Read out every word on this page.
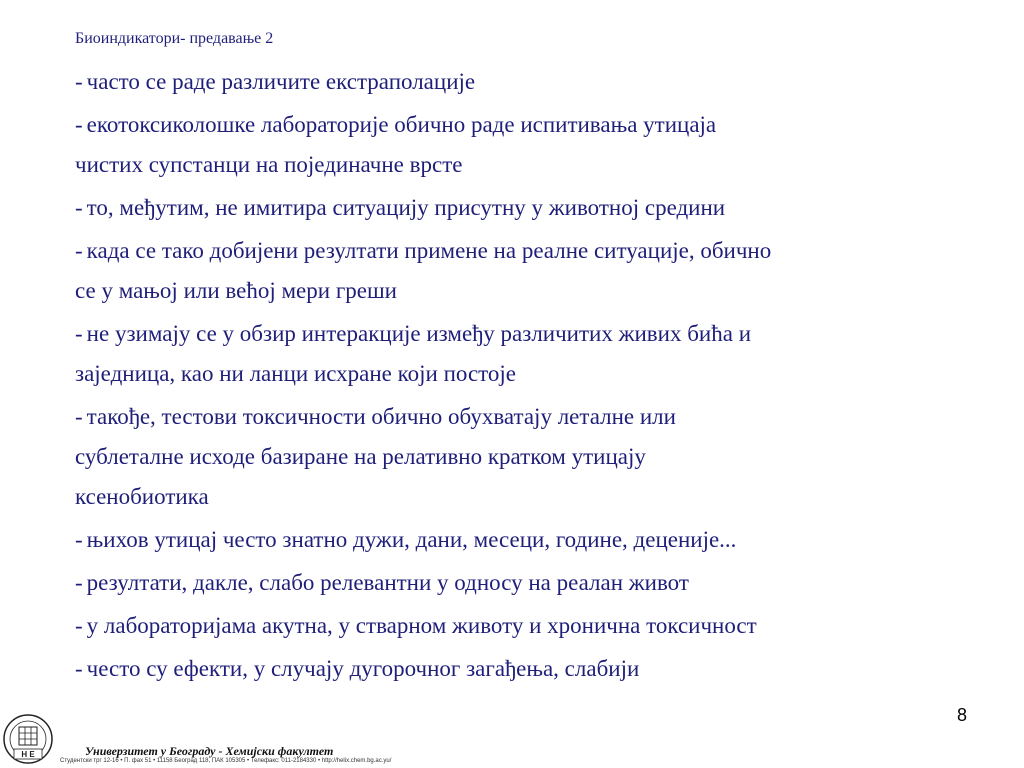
Биоиндикатори- предавање 2
- часто се раде различите екстраполације
- екотоксиколошке лабораторије обично раде испитивања утицаја
чистих супстанци на појединачне врсте
- то, међутим, не имитира ситуацију присутну у животној средини
- када се тако добијени резултати примене на реалне ситуације, обично
се у мањој или већој мери греши
- не узимају се у обзир интеракције између различитих живих бића и
заједница, као ни ланци исхране који постоје
- такође, тестови токсичности обично обухватају леталне или
сублеталне исходе базиране на релативно кратком утицају
ксенобиотика
- њихов утицај често знатно дужи, дани, месеци, године, деценије...
- резултати, дакле, слабо релевантни у односу на реалан живот
- у лабораторијама акутна, у стварном животу и хронична токсичност
- често су ефекти, у случају дугорочног загађења, слабији
8
Н Е	Универзитет у Београду - Хемијски факултет
Студентски трг 12-16 • П. фах 51 • 11158 Београд 118, ПАК 105305 • Телефакс: 011-2184330 • http://helix.chem.bg.ac.yu/
